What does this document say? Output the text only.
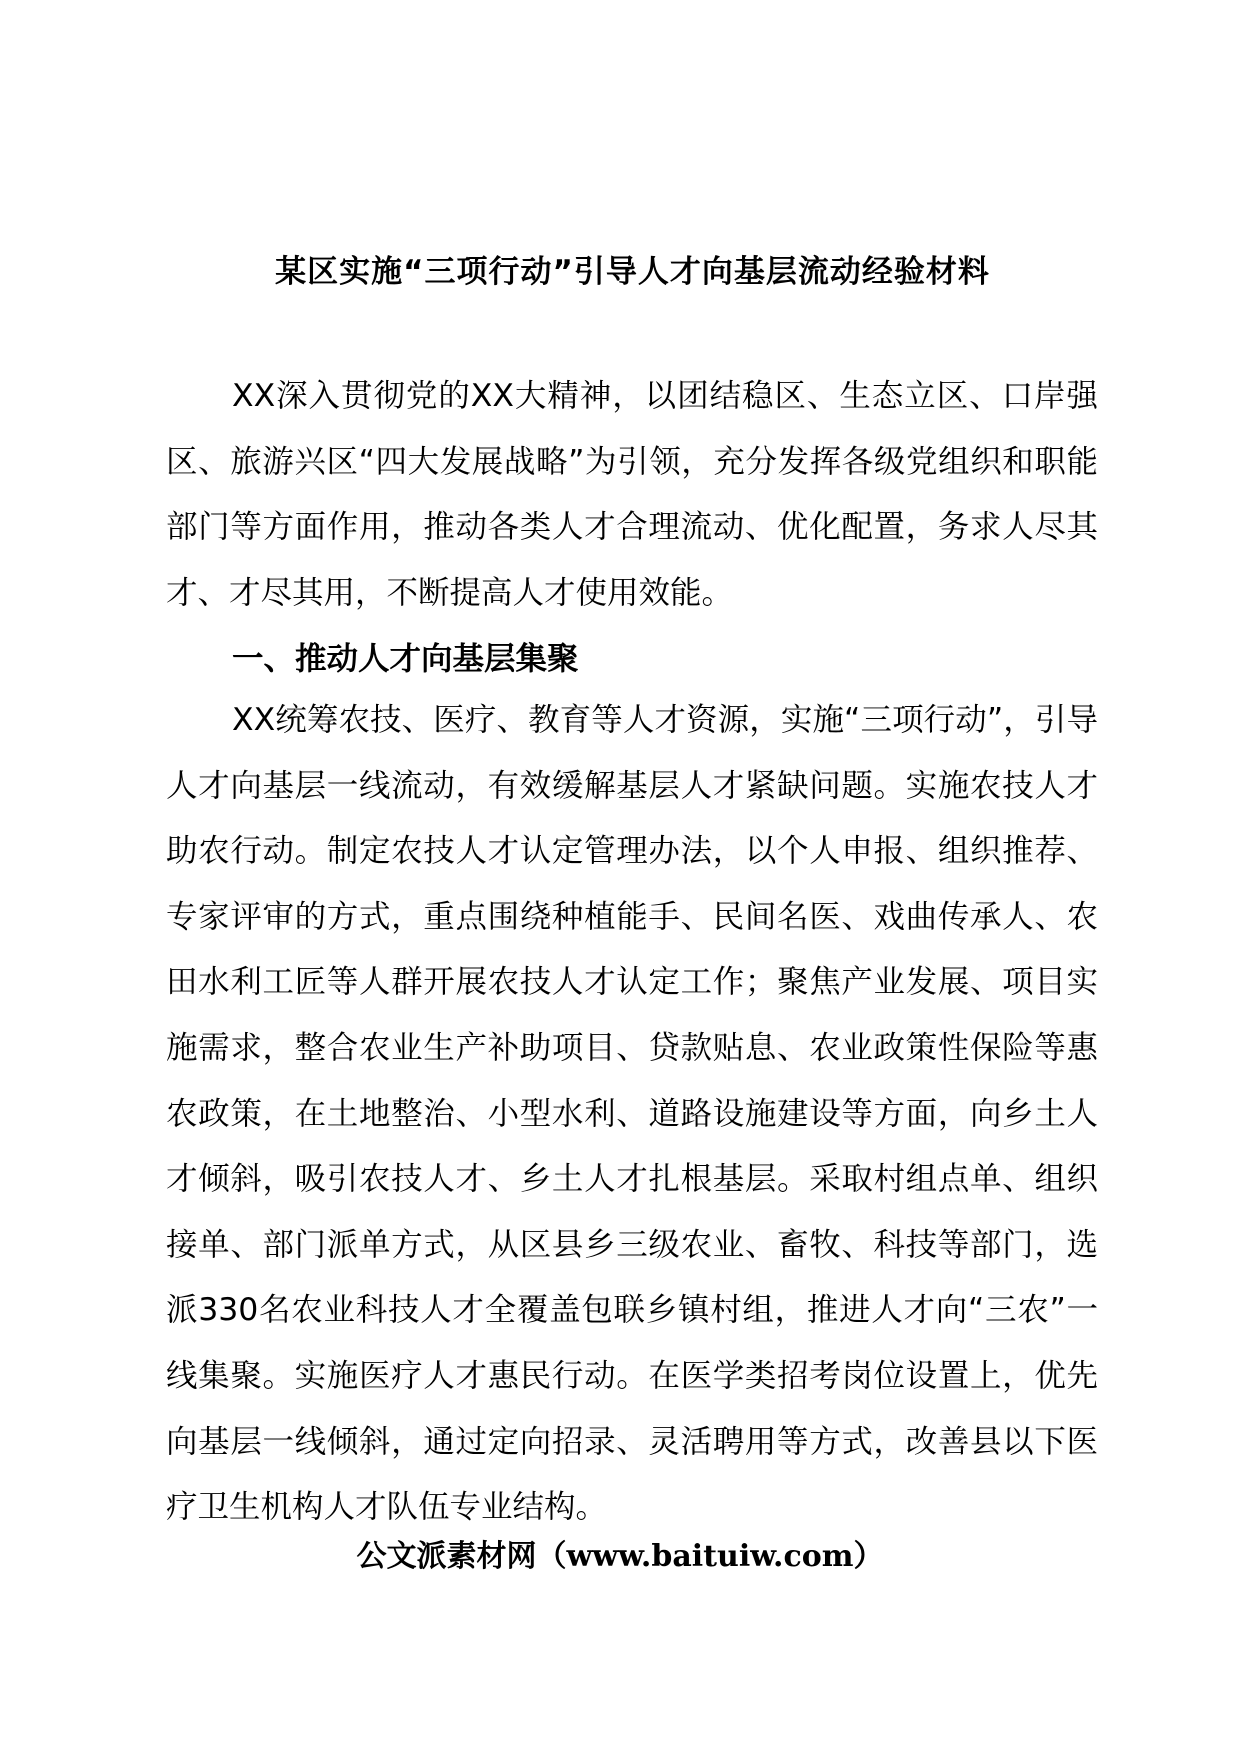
某区实施“三项行动”引导人才向基层流动经验材料
XX深入贯彻党的XX大精神，以团结稳区、生态立区、口岸强区、旅游兴区“四大发展战略”为引领，充分发挥各级党组织和职能部门等方面作用，推动各类人才合理流动、优化配置，务求人尽其才、才尽其用，不断提高人才使用效能。
一、推动人才向基层集聚
XX统筹农技、医疗、教育等人才资源，实施“三项行动”，引导人才向基层一线流动，有效缓解基层人才紧缺问题。实施农技人才助农行动。制定农技人才认定管理办法，以个人申报、组织推荐、专家评审的方式，重点围绕种植能手、民间名医、戏曲传承人、农田水利工匠等人群开展农技人才认定工作；聚焦产业发展、项目实施需求，整合农业生产补助项目、贷款贴息、农业政策性保险等惠农政策，在土地整治、小型水利、道路设施建设等方面，向乡土人才倾斜，吸引农技人才、乡土人才扎根基层。采取村组点单、组织接单、部门派单方式，从区县乡三级农业、畜牧、科技等部门，选派330名农业科技人才全覆盖包联乡镇村组，推进人才向“三农”一线集聚。实施医疗人才惠民行动。在医学类招考岗位设置上，优先向基层一线倾斜，通过定向招录、灵活聘用等方式，改善县以下医疗卫生机构人才队伍专业结构。
公文派素材网（www.baituiw.com）
